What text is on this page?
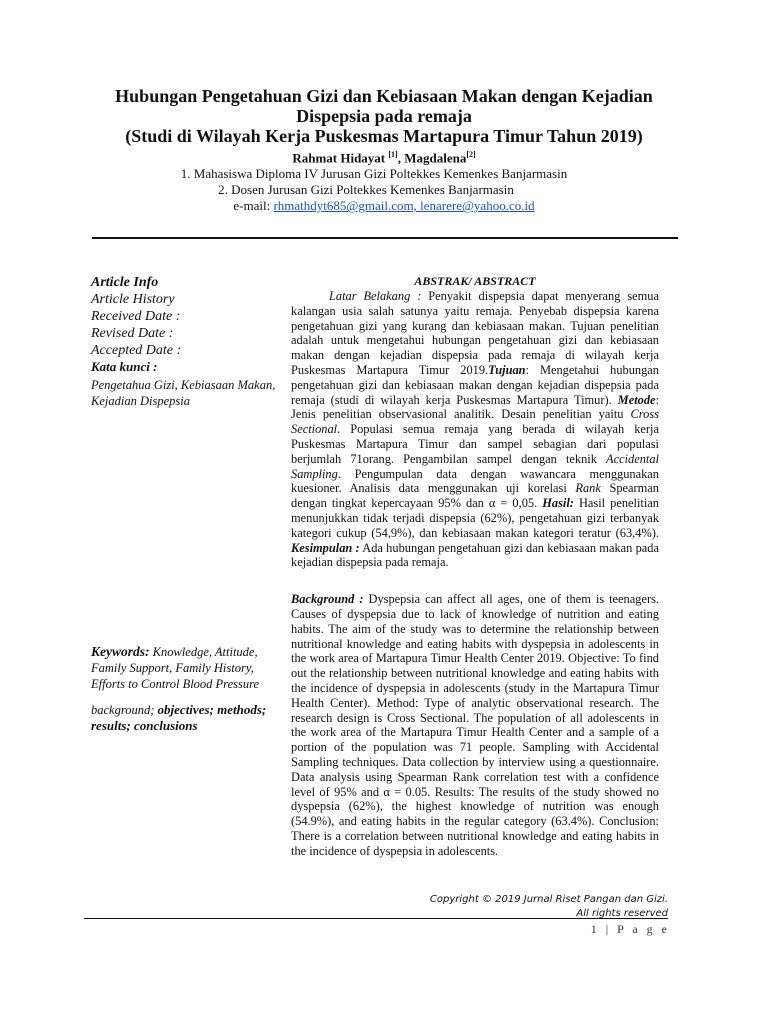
Hubungan Pengetahuan Gizi dan Kebiasaan Makan dengan Kejadian

Dispepsia pada remaja

(Studi di Wilayah Kerja Puskesmas Martapura Timur Tahun 2019)

Rahmat Hidayat [1], Magdalena[2]
1. Mahasiswa Diploma IV Jurusan Gizi Poltekkes Kemenkes Banjarmasin
2. Dosen Jurusan Gizi Poltekkes Kemenkes Banjarmasin
e-mail: rhmathdyt685@gmail.com, lenarere@yahoo.co.id
Article Info
Article History
Received Date :
Revised Date :
Accepted Date :
Kata kunci :
Pengetahua Gizi, Kebiasaan Makan, Kejadian Dispepsia
Keywords: Knowledge, Attitude, Family Support, Family History, Efforts to Control Blood Pressure
background; objectives; methods; results; conclusions
ABSTRAK/ ABSTRACT

Latar Belakang : Penyakit dispepsia dapat menyerang semua kalangan usia salah satunya yaitu remaja. Penyebab dispepsia karena pengetahuan gizi yang kurang dan kebiasaan makan. Tujuan penelitian adalah untuk mengetahui hubungan pengetahuan gizi dan kebiasaan makan dengan kejadian dispepsia pada remaja di wilayah kerja Puskesmas Martapura Timur 2019.Tujuan: Mengetahui hubungan pengetahuan gizi dan kebiasaan makan dengan kejadian dispepsia pada remaja (studi di wilayah kerja Puskesmas Martapura Timur). Metode: Jenis penelitian observasional analitik. Desain penelitian yaitu Cross Sectional. Populasi semua remaja yang berada di wilayah kerja Puskesmas Martapura Timur dan sampel sebagian dari populasi berjumlah 71orang. Pengambilan sampel dengan teknik Accidental Sampling. Pengumpulan data dengan wawancara menggunakan kuesioner. Analisis data menggunakan uji korelasi Rank Spearman dengan tingkat kepercayaan 95% dan α = 0,05. Hasil: Hasil penelitian menunjukkan tidak terjadi dispepsia (62%), pengetahuan gizi terbanyak kategori cukup (54,9%), dan kebiasaan makan kategori teratur (63,4%). Kesimpulan : Ada hubungan pengetahuan gizi dan kebiasaan makan pada kejadian dispepsia pada remaja.

Background : Dyspepsia can affect all ages, one of them is teenagers. Causes of dyspepsia due to lack of knowledge of nutrition and eating habits. The aim of the study was to determine the relationship between nutritional knowledge and eating habits with dyspepsia in adolescents in the work area of Martapura Timur Health Center 2019. Objective: To find out the relationship between nutritional knowledge and eating habits with the incidence of dyspepsia in adolescents (study in the Martapura Timur Health Center). Method: Type of analytic observational research. The research design is Cross Sectional. The population of all adolescents in the work area of the Martapura Timur Health Center and a sample of a portion of the population was 71 people. Sampling with Accidental Sampling techniques. Data collection by interview using a questionnaire. Data analysis using Spearman Rank correlation test with a confidence level of 95% and α = 0.05. Results: The results of the study showed no dyspepsia (62%), the highest knowledge of nutrition was enough (54.9%), and eating habits in the regular category (63.4%). Conclusion: There is a correlation between nutritional knowledge and eating habits in the incidence of dyspepsia in adolescents.

Copyright © 2019 Jurnal Riset Pangan dan Gizi.
All rights reserved
1 | P a g e
